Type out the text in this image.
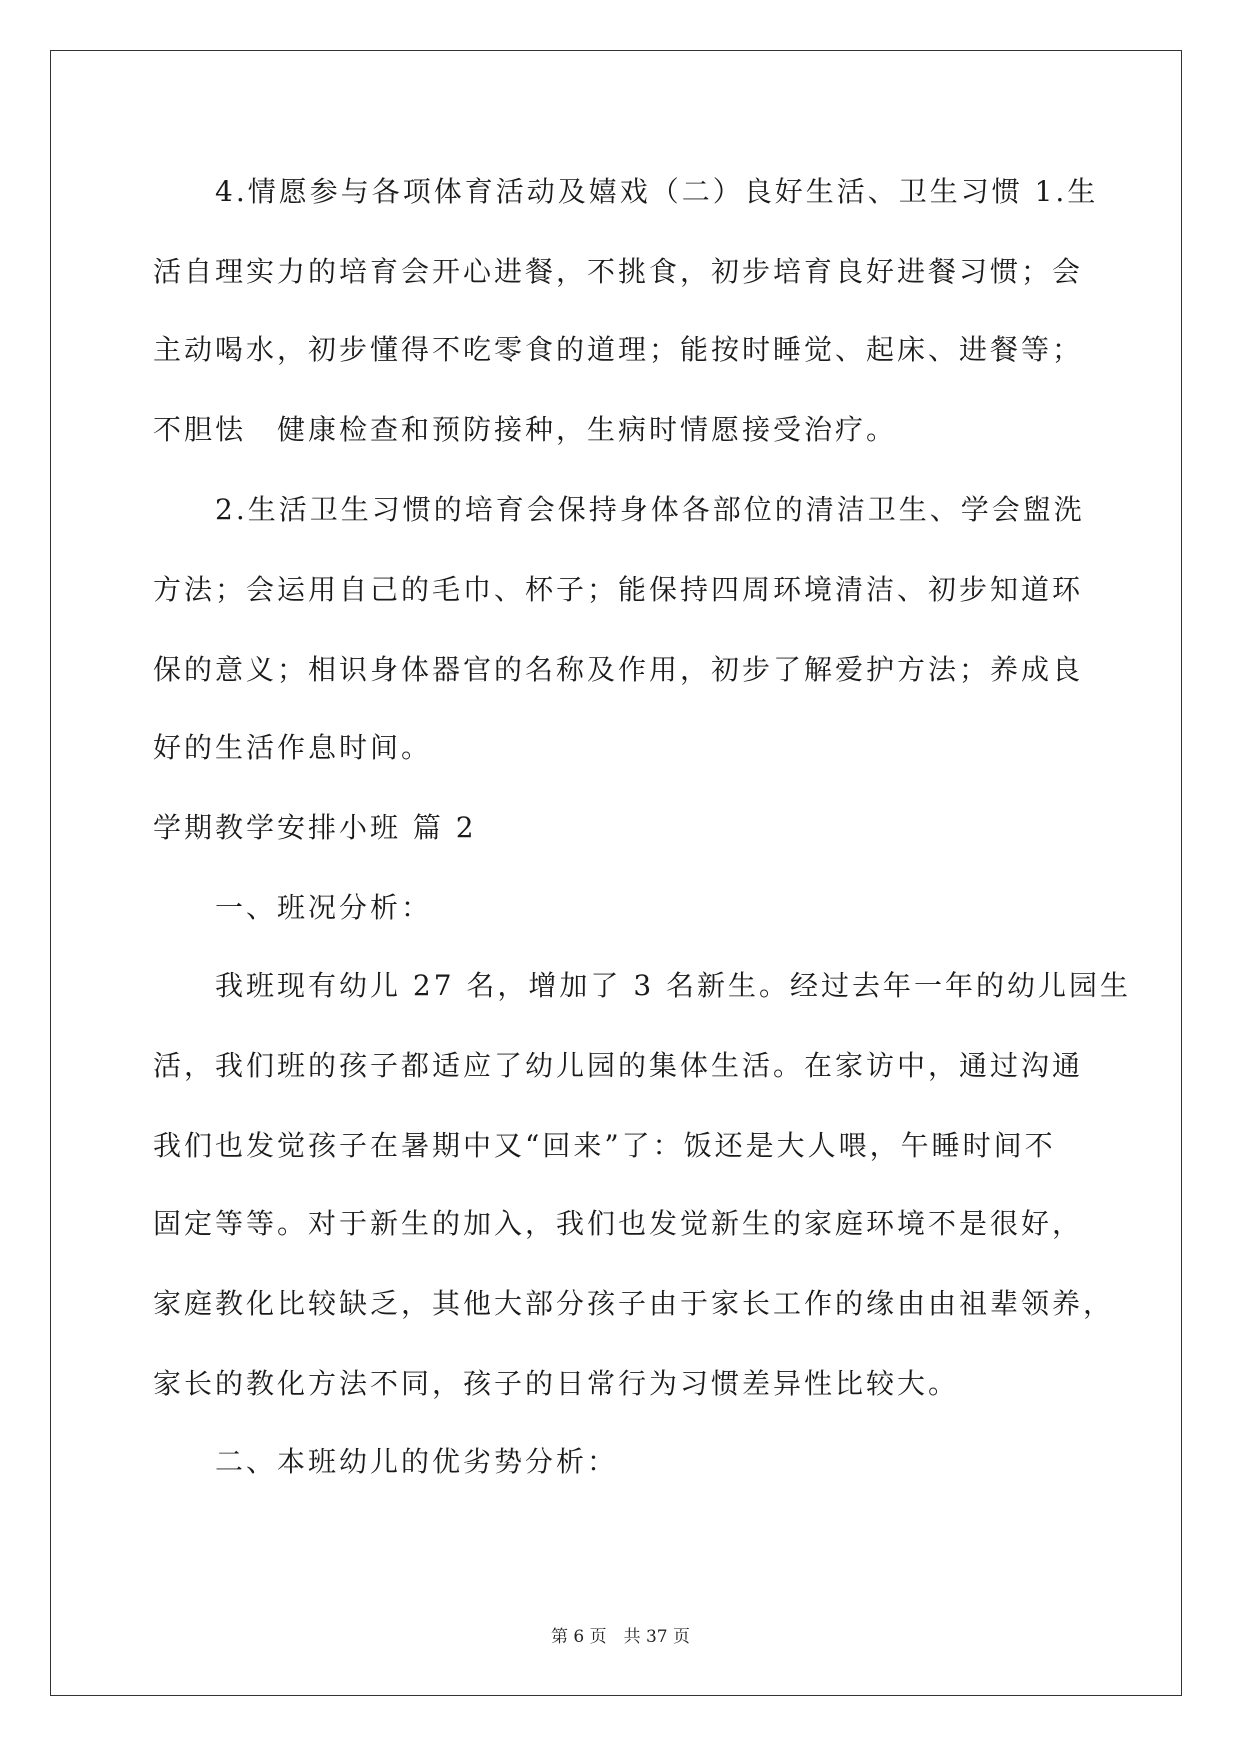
4.情愿参与各项体育活动及嬉戏（二）良好生活、卫生习惯 1.生
活自理实力的培育会开心进餐，不挑食，初步培育良好进餐习惯；会
主动喝水，初步懂得不吃零食的道理；能按时睡觉、起床、进餐等；
不胆怯　健康检查和预防接种，生病时情愿接受治疗。
2.生活卫生习惯的培育会保持身体各部位的清洁卫生、学会盥洗
方法；会运用自己的毛巾、杯子；能保持四周环境清洁、初步知道环
保的意义；相识身体器官的名称及作用，初步了解爱护方法；养成良
好的生活作息时间。
学期教学安排小班 篇 2
一、班况分析：
我班现有幼儿 27 名，增加了 3 名新生。经过去年一年的幼儿园生
活，我们班的孩子都适应了幼儿园的集体生活。在家访中，通过沟通
我们也发觉孩子在暑期中又“回来”了：饭还是大人喂，午睡时间不
固定等等。对于新生的加入，我们也发觉新生的家庭环境不是很好，
家庭教化比较缺乏，其他大部分孩子由于家长工作的缘由由祖辈领养，
家长的教化方法不同，孩子的日常行为习惯差异性比较大。
二、本班幼儿的优劣势分析：
第 6 页　共 37 页
